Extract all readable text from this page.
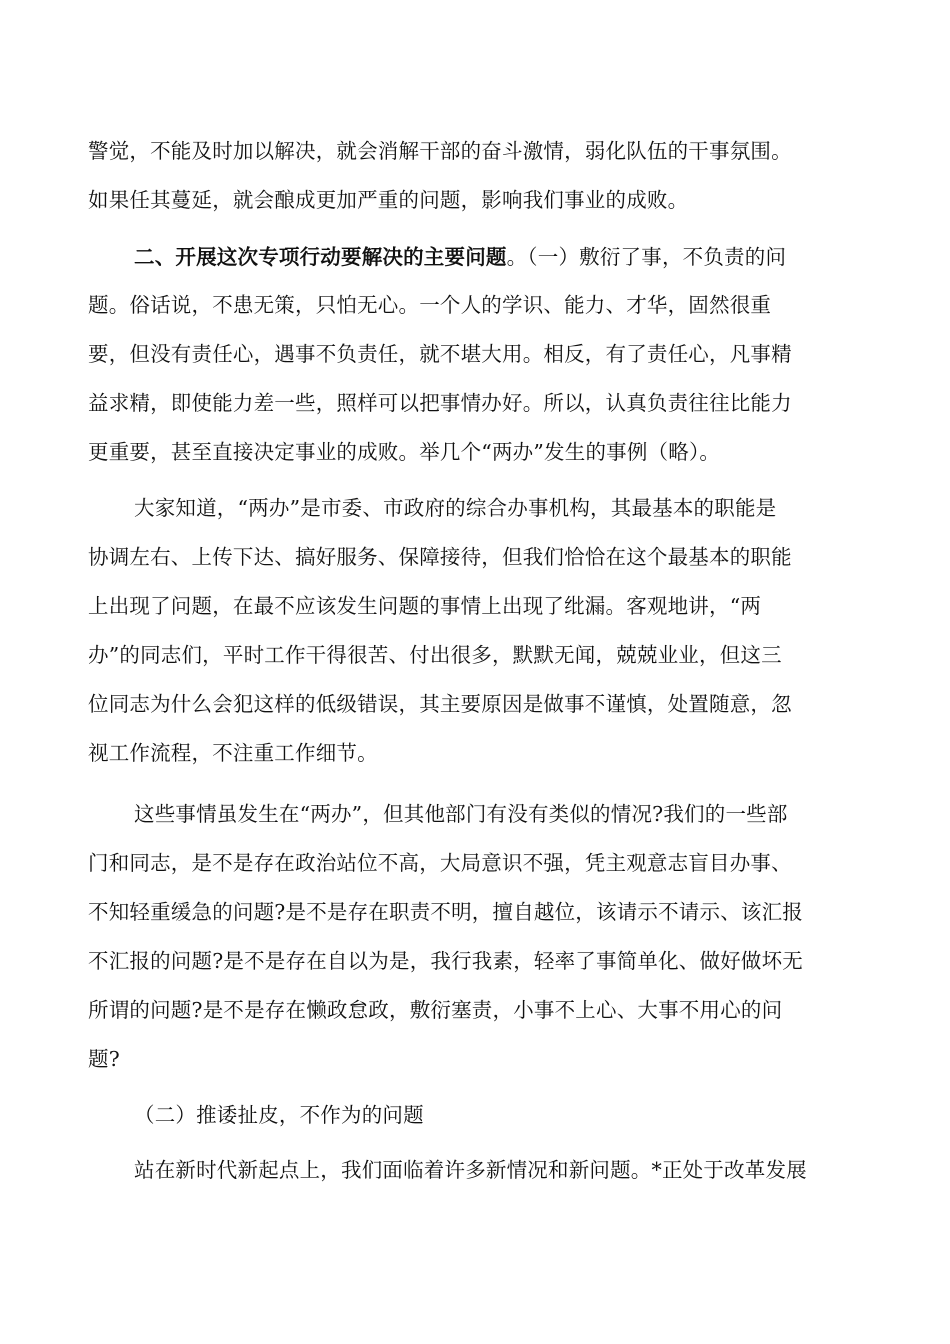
警觉，不能及时加以解决，就会消解干部的奋斗激情，弱化队伍的干事氛围。
如果任其蔓延，就会酿成更加严重的问题，影响我们事业的成败。
二、开展这次专项行动要解决的主要问题。（一）敷衍了事，不负责的问
题。俗话说，不患无策，只怕无心。一个人的学识、能力、才华，固然很重
要，但没有责任心，遇事不负责任，就不堪大用。相反，有了责任心，凡事精
益求精，即使能力差一些，照样可以把事情办好。所以，认真负责往往比能力
更重要，甚至直接决定事业的成败。举几个“两办”发生的事例（略）。
大家知道，“两办”是市委、市政府的综合办事机构，其最基本的职能是
协调左右、上传下达、搞好服务、保障接待，但我们恰恰在这个最基本的职能
上出现了问题，在最不应该发生问题的事情上出现了纰漏。客观地讲，“两
办”的同志们，平时工作干得很苦、付出很多，默默无闻，兢兢业业，但这三
位同志为什么会犯这样的低级错误，其主要原因是做事不谨慎，处置随意，忽
视工作流程，不注重工作细节。
这些事情虽发生在“两办”，但其他部门有没有类似的情况?我们的一些部
门和同志，是不是存在政治站位不高，大局意识不强，凭主观意志盲目办事、
不知轻重缓急的问题?是不是存在职责不明，擅自越位，该请示不请示、该汇报
不汇报的问题?是不是存在自以为是，我行我素，轻率了事简单化、做好做坏无
所谓的问题?是不是存在懒政怠政，敷衍塞责，小事不上心、大事不用心的问
题?
（二）推诿扯皮，不作为的问题
站在新时代新起点上，我们面临着许多新情况和新问题。*正处于改革发展
